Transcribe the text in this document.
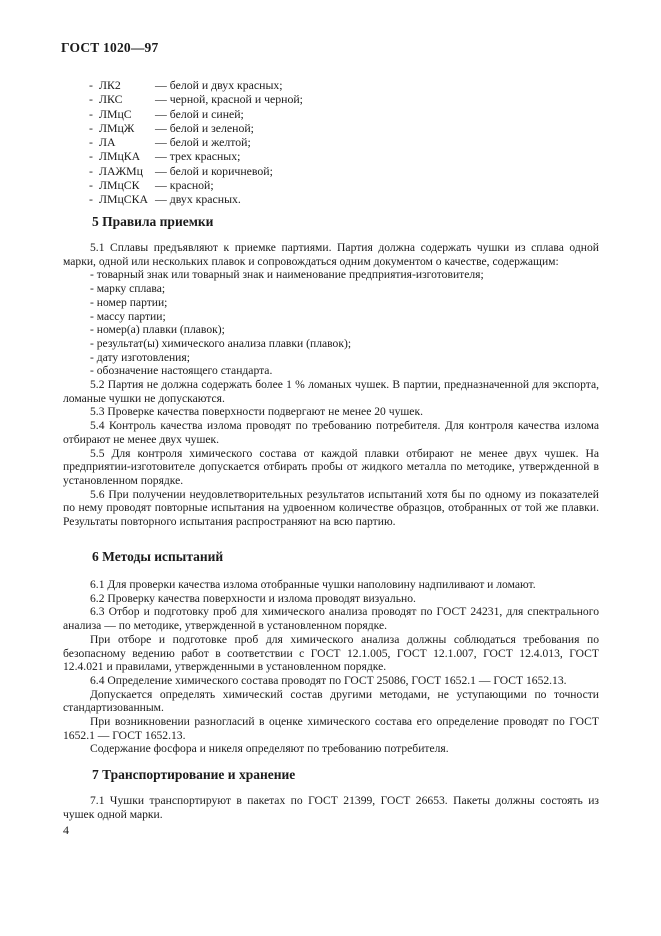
ГОСТ 1020—97
- ЛК2	— белой и двух красных;
- ЛКС	— черной, красной и черной;
- ЛМцС	— белой и синей;
- ЛМцЖ	— белой и зеленой;
- ЛА	— белой и желтой;
- ЛМцКА	— трех красных;
- ЛАЖМц	— белой и коричневой;
- ЛМцСК	— красной;
- ЛМцСКА — двух красных.
5 Правила приемки

5.1 Сплавы предъявляют к приемке партиями. Партия должна содержать чушки из сплава одной марки, одной или нескольких плавок и сопровождаться одним документом о качестве, содержащим:

- товарный знак или товарный знак и наименование предприятия-изготовителя;
- марку сплава;
- номер партии;
- массу партии;
- номер(а) плавки (плавок);
- результат(ы) химического анализа плавки (плавок);
- дату изготовления;
- обозначение настоящего стандарта.

5.2 Партия не должна содержать более 1 % ломаных чушек. В партии, предназначенной для экспорта, ломаные чушки не допускаются.

5.3 Проверке качества поверхности подвергают не менее 20 чушек.

5.4 Контроль качества излома проводят по требованию потребителя. Для контроля качества излома отбирают не менее двух чушек.

5.5 Для контроля химического состава от каждой плавки отбирают не менее двух чушек. На предприятии-изготовителе допускается отбирать пробы от жидкого металла по методике, утвержденной в установленном порядке.

5.6 При получении неудовлетворительных результатов испытаний хотя бы по одному из показателей по нему проводят повторные испытания на удвоенном количестве образцов, отобранных от той же плавки. Результаты повторного испытания распространяют на всю партию.

6 Методы испытаний

6.1 Для проверки качества излома отобранные чушки наполовину надпиливают и ломают.

6.2 Проверку качества поверхности и излома проводят визуально.

6.3 Отбор и подготовку проб для химического анализа проводят по ГОСТ 24231, для спектрального анализа — по методике, утвержденной в установленном порядке.

При отборе и подготовке проб для химического анализа должны соблюдаться требования по безопасному ведению работ в соответствии с ГОСТ 12.1.005, ГОСТ 12.1.007, ГОСТ 12.4.013, ГОСТ 12.4.021 и правилами, утвержденными в установленном порядке.

6.4 Определение химического состава проводят по ГОСТ 25086, ГОСТ 1652.1 — ГОСТ 1652.13.

Допускается определять химический состав другими методами, не уступающими по точности стандартизованным.

При возникновении разногласий в оценке химического состава его определение проводят по ГОСТ 1652.1 — ГОСТ 1652.13.

Содержание фосфора и никеля определяют по требованию потребителя.

7 Транспортирование и хранение

7.1 Чушки транспортируют в пакетах по ГОСТ 21399, ГОСТ 26653. Пакеты должны состоять из чушек одной марки.

4
